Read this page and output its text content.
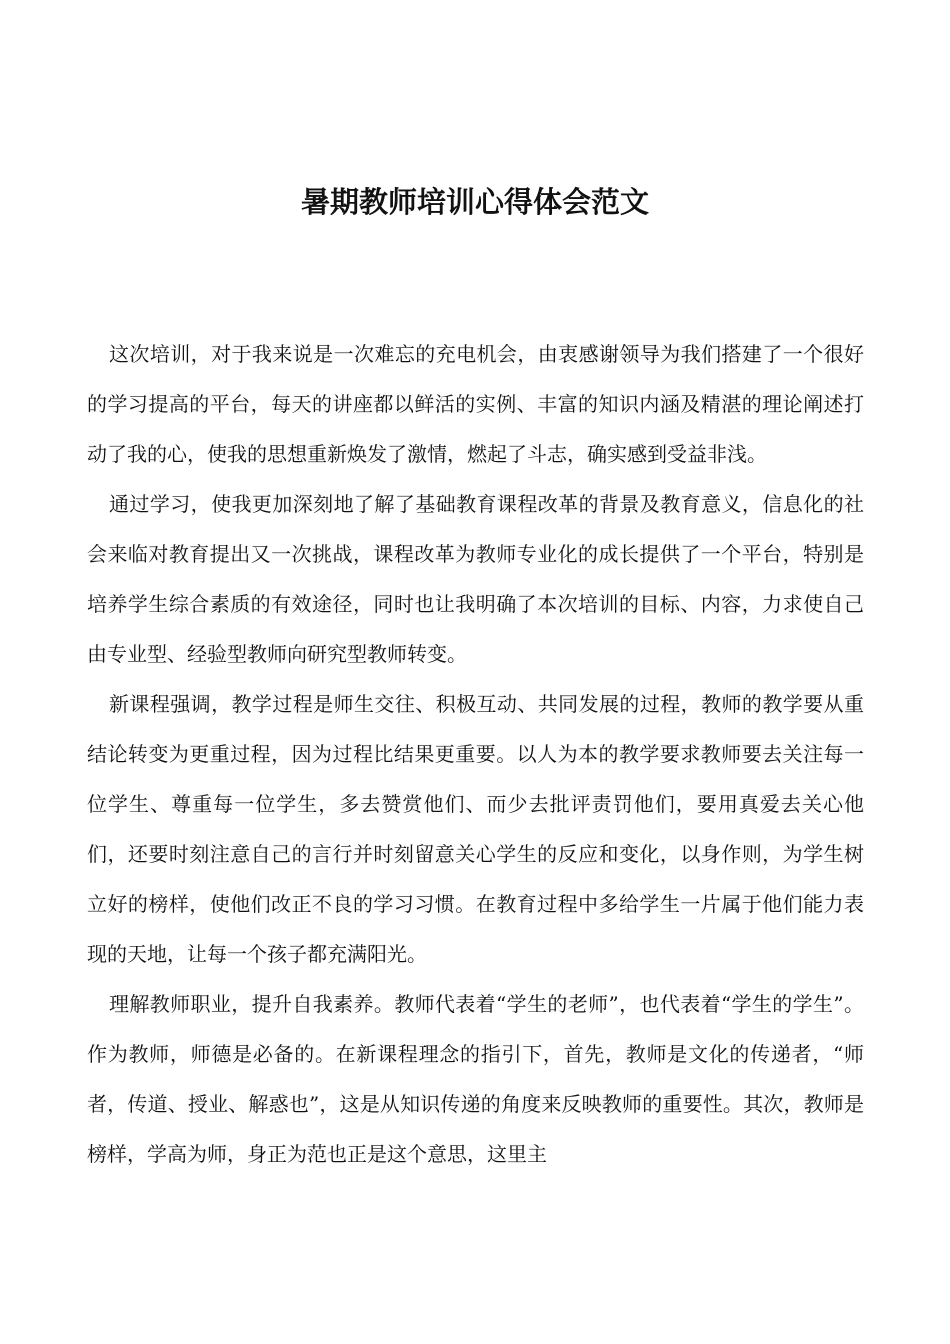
暑期教师培训心得体会范文

这次培训，对于我来说是一次难忘的充电机会，由衷感谢领导为我们搭建了一个很好的学习提高的平台，每天的讲座都以鲜活的实例、丰富的知识内涵及精湛的理论阐述打动了我的心，使我的思想重新焕发了激情，燃起了斗志，确实感到受益非浅。

通过学习，使我更加深刻地了解了基础教育课程改革的背景及教育意义，信息化的社会来临对教育提出又一次挑战，课程改革为教师专业化的成长提供了一个平台，特别是培养学生综合素质的有效途径，同时也让我明确了本次培训的目标、内容，力求使自己由专业型、经验型教师向研究型教师转变。

新课程强调，教学过程是师生交往、积极互动、共同发展的过程，教师的教学要从重结论转变为更重过程，因为过程比结果更重要。以人为本的教学要求教师要去关注每一位学生、尊重每一位学生，多去赞赏他们、而少去批评责罚他们，要用真爱去关心他们，还要时刻注意自己的言行并时刻留意关心学生的反应和变化，以身作则，为学生树立好的榜样，使他们改正不良的学习习惯。在教育过程中多给学生一片属于他们能力表现的天地，让每一个孩子都充满阳光。

理解教师职业，提升自我素养。教师代表着“学生的老师”，也代表着“学生的学生”。作为教师，师德是必备的。在新课程理念的指引下，首先，教师是文化的传递者，“师者，传道、授业、解惑也”，这是从知识传递的角度来反映教师的重要性。其次，教师是榜样，学高为师，身正为范也正是这个意思，这里主
